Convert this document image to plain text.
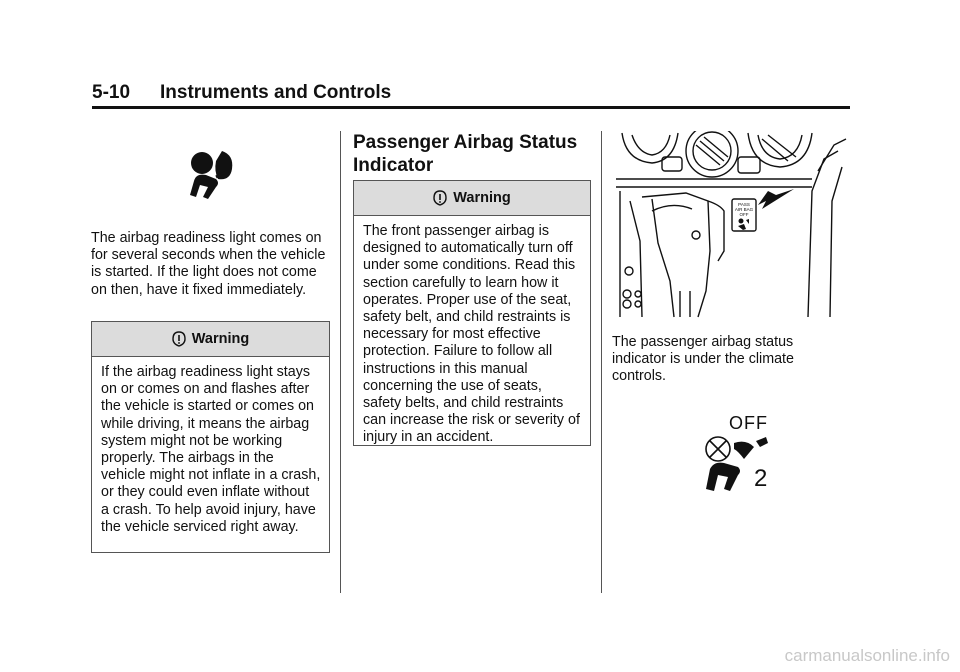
5-10 Instruments and Controls

The airbag readiness light comes on for several seconds when the vehicle is started. If the light does not come on then, have it fixed immediately.

Warning

If the airbag readiness light stays on or comes on and flashes after the vehicle is started or comes on while driving, it means the airbag system might not be working properly. The airbags in the vehicle might not inflate in a crash, or they could even inflate without a crash. To help avoid injury, have the vehicle serviced right away.

Passenger Airbag Status Indicator
Warning

The front passenger airbag is designed to automatically turn off under some conditions. Read this section carefully to learn how it operates. Proper use of the seat, safety belt, and child restraints is necessary for most effective protection. Failure to follow all instructions in this manual concerning the use of seats, safety belts, and child restraints can increase the risk or severity of injury in an accident.

PASS
AIR BAG
OFF

The passenger airbag status indicator is under the climate controls.

OFF
2
carmanualsonline.info
